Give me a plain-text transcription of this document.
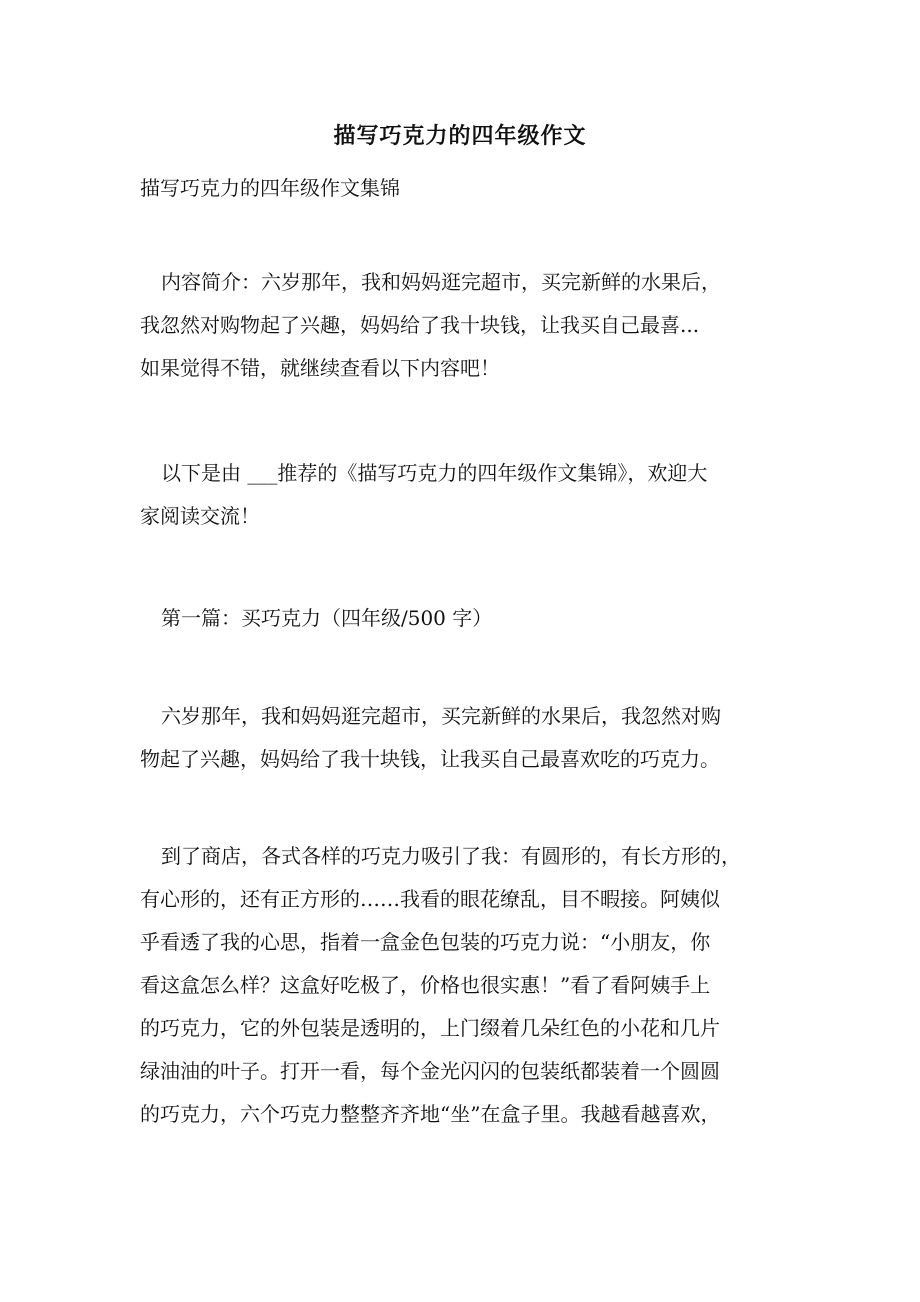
描写巧克力的四年级作文
描写巧克力的四年级作文集锦
内容简介：六岁那年，我和妈妈逛完超市，买完新鲜的水果后，
我忽然对购物起了兴趣，妈妈给了我十块钱，让我买自己最喜...
如果觉得不错，就继续查看以下内容吧！
以下是由 ___推荐的《描写巧克力的四年级作文集锦》，欢迎大
家阅读交流！
第一篇：买巧克力（四年级/500 字）
六岁那年，我和妈妈逛完超市，买完新鲜的水果后，我忽然对购
物起了兴趣，妈妈给了我十块钱，让我买自己最喜欢吃的巧克力。
到了商店，各式各样的巧克力吸引了我：有圆形的，有长方形的，
有心形的，还有正方形的……我看的眼花缭乱，目不暇接。阿姨似
乎看透了我的心思，指着一盒金色包装的巧克力说：“小朋友，你
看这盒怎么样？这盒好吃极了，价格也很实惠！”看了看阿姨手上
的巧克力，它的外包装是透明的，上门缀着几朵红色的小花和几片
绿油油的叶子。打开一看，每个金光闪闪的包装纸都装着一个圆圆
的巧克力，六个巧克力整整齐齐地“坐”在盒子里。我越看越喜欢，
